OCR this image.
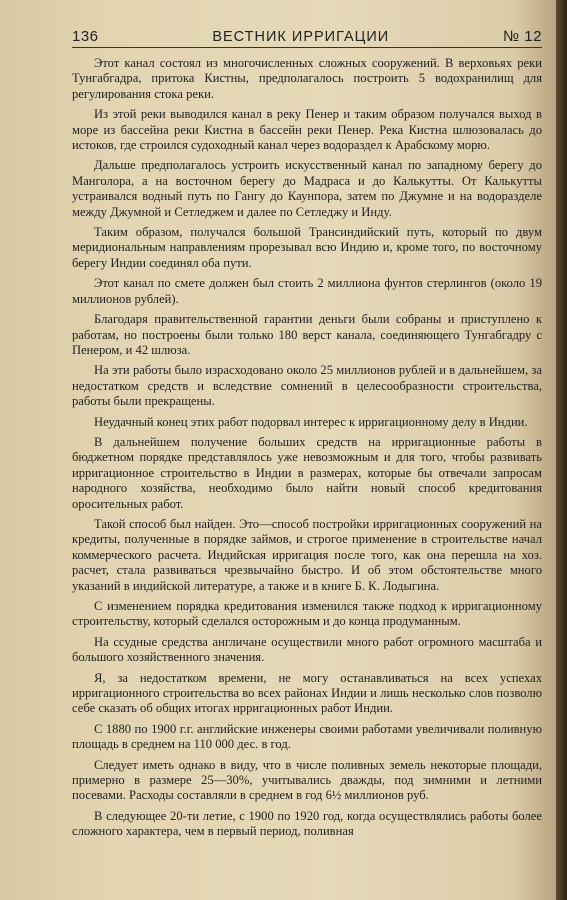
136	ВЕСТНИК ИРРИГАЦИИ	№ 12

Этот канал состоял из многочисленных сложных сооружений. В верховьях реки Тунгабгадра, притока Кистны, предполагалось построить 5 водохранилищ для регулирования стока реки.

Из этой реки выводился канал в реку Пенер и таким образом получался выход в море из бассейна реки Кистна в бассейн реки Пенер. Река Кистна шлюзовалась до истоков, где строился судоходный канал через водораздел к Арабскому морю.

Дальше предполагалось устроить искусственный канал по западному берегу до Манголора, а на восточном берегу до Мадраса и до Калькутты. От Калькутты устраивался водный путь по Гангу до Каунпора, затем по Джумне и на водоразделе между Джумной и Сетледжем и далее по Сетледжу и Инду.

Таким образом, получался большой Трансиндийский путь, который по двум меридиональным направлениям прорезывал всю Индию и, кроме того, по восточному берегу Индии соединял оба пути.

Этот канал по смете должен был стоить 2 миллиона фунтов стерлингов (около 19 миллионов рублей).

Благодаря правительственной гарантии деньги были собраны и приступлено к работам, но построены были только 180 верст канала, соединяющего Тунгабгадру с Пенером, и 42 шлюза.

На эти работы было израсходовано около 25 миллионов рублей и в дальнейшем, за недостатком средств и вследствие сомнений в целесообразности строительства, работы были прекращены.

Неудачный конец этих работ подорвал интерес к ирригационному делу в Индии.

В дальнейшем получение больших средств на ирригационные работы в бюджетном порядке представлялось уже невозможным и для того, чтобы развивать ирригационное строительство в Индии в размерах, которые бы отвечали запросам народного хозяйства, необходимо было найти новый способ кредитования оросительных работ.

Такой способ был найден. Это—способ постройки ирригационных сооружений на кредиты, полученные в порядке займов, и строгое применение в строительстве начал коммерческого расчета. Индийская ирригация после того, как она перешла на хоз. расчет, стала развиваться чрезвычайно быстро. И об этом обстоятельстве много указаний в индийской литературе, а также и в книге Б. К. Лодыгина.

С изменением порядка кредитования изменился также подход к ирригационному строительству, который сделался осторожным и до конца продуманным.

На ссудные средства англичане осуществили много работ огромного масштаба и большого хозяйственного значения.

Я, за недостатком времени, не могу останавливаться на всех успехах ирригационного строительства во всех районах Индии и лишь несколько слов позволю себе сказать об общих итогах ирригационных работ Индии.

С 1880 по 1900 г.г. английские инженеры своими работами увеличивали поливную площадь в среднем на 110 000 дес. в год.

Следует иметь однако в виду, что в числе поливных земель некоторые площади, примерно в размере 25—30%, учитывались дважды, под зимними и летними посевами. Расходы составляли в среднем в год 6½ миллионов руб.

В следующее 20-ти летие, с 1900 по 1920 год, когда осуществлялись работы более сложного характера, чем в первый период, поливная
